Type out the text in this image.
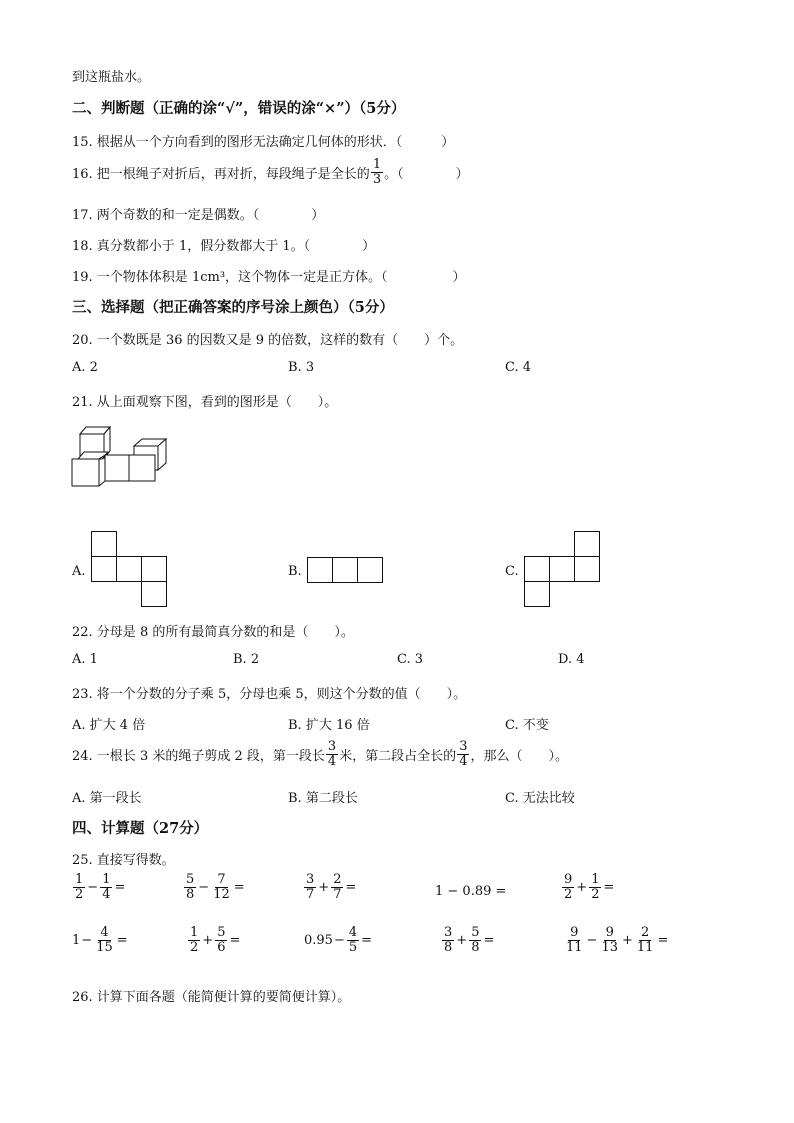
到这瓶盐水。
二、判断题（正确的涂“√”，错误的涂“×”）（5分）
15. 根据从一个方向看到的图形无法确定几何体的形状．（　　　）
16. 把一根绳子对折后，再对折，每段绳子是全长的 $\frac{1}{3}$ 。（　　　　）
17. 两个奇数的和一定是偶数。（　　　　）
18. 真分数都小于 1，假分数都大于 1。（　　　　）
19. 一个物体体积是 1cm³，这个物体一定是正方体。（　　　　　）
三、选择题（把正确答案的序号涂上颜色）（5分）
20. 一个数既是 36 的因数又是 9 的倍数，这样的数有（　　）个。
A. 2	B. 3	C. 4
21. 从上面观察下图，看到的图形是（　　）。
A.	B.	C.
22. 分母是 8 的所有最简真分数的和是（　　）。
A. 1	B. 2	C. 3	D. 4
23. 将一个分数的分子乘 5，分母也乘 5，则这个分数的值（　　）。
A. 扩大 4 倍	B. 扩大 16 倍	C. 不变
24. 一根长 3 米的绳子剪成 2 段，第一段长 $\frac{3}{4}$ 米，第二段占全长的 $\frac{3}{4}$ ，那么（　　）。
A. 第一段长	B. 第二段长	C. 无法比较
四、计算题（27分）
25. 直接写得数。
$\frac{1}{2} - \frac{1}{4}$ =	$\frac{5}{8} - \frac{7}{12}$ =	$\frac{3}{7} + \frac{2}{7}$ =	1 − 0.89 =	$\frac{9}{2} + \frac{1}{2}$ =
$1 - \frac{4}{15}$ =	$\frac{1}{2} + \frac{5}{6}$ =	$0.95 - \frac{4}{5}$ =	$\frac{3}{8} + \frac{5}{8}$ =	$\frac{9}{11} - \frac{9}{13} + \frac{2}{11}$ =
26. 计算下面各题（能简便计算的要简便计算）。
